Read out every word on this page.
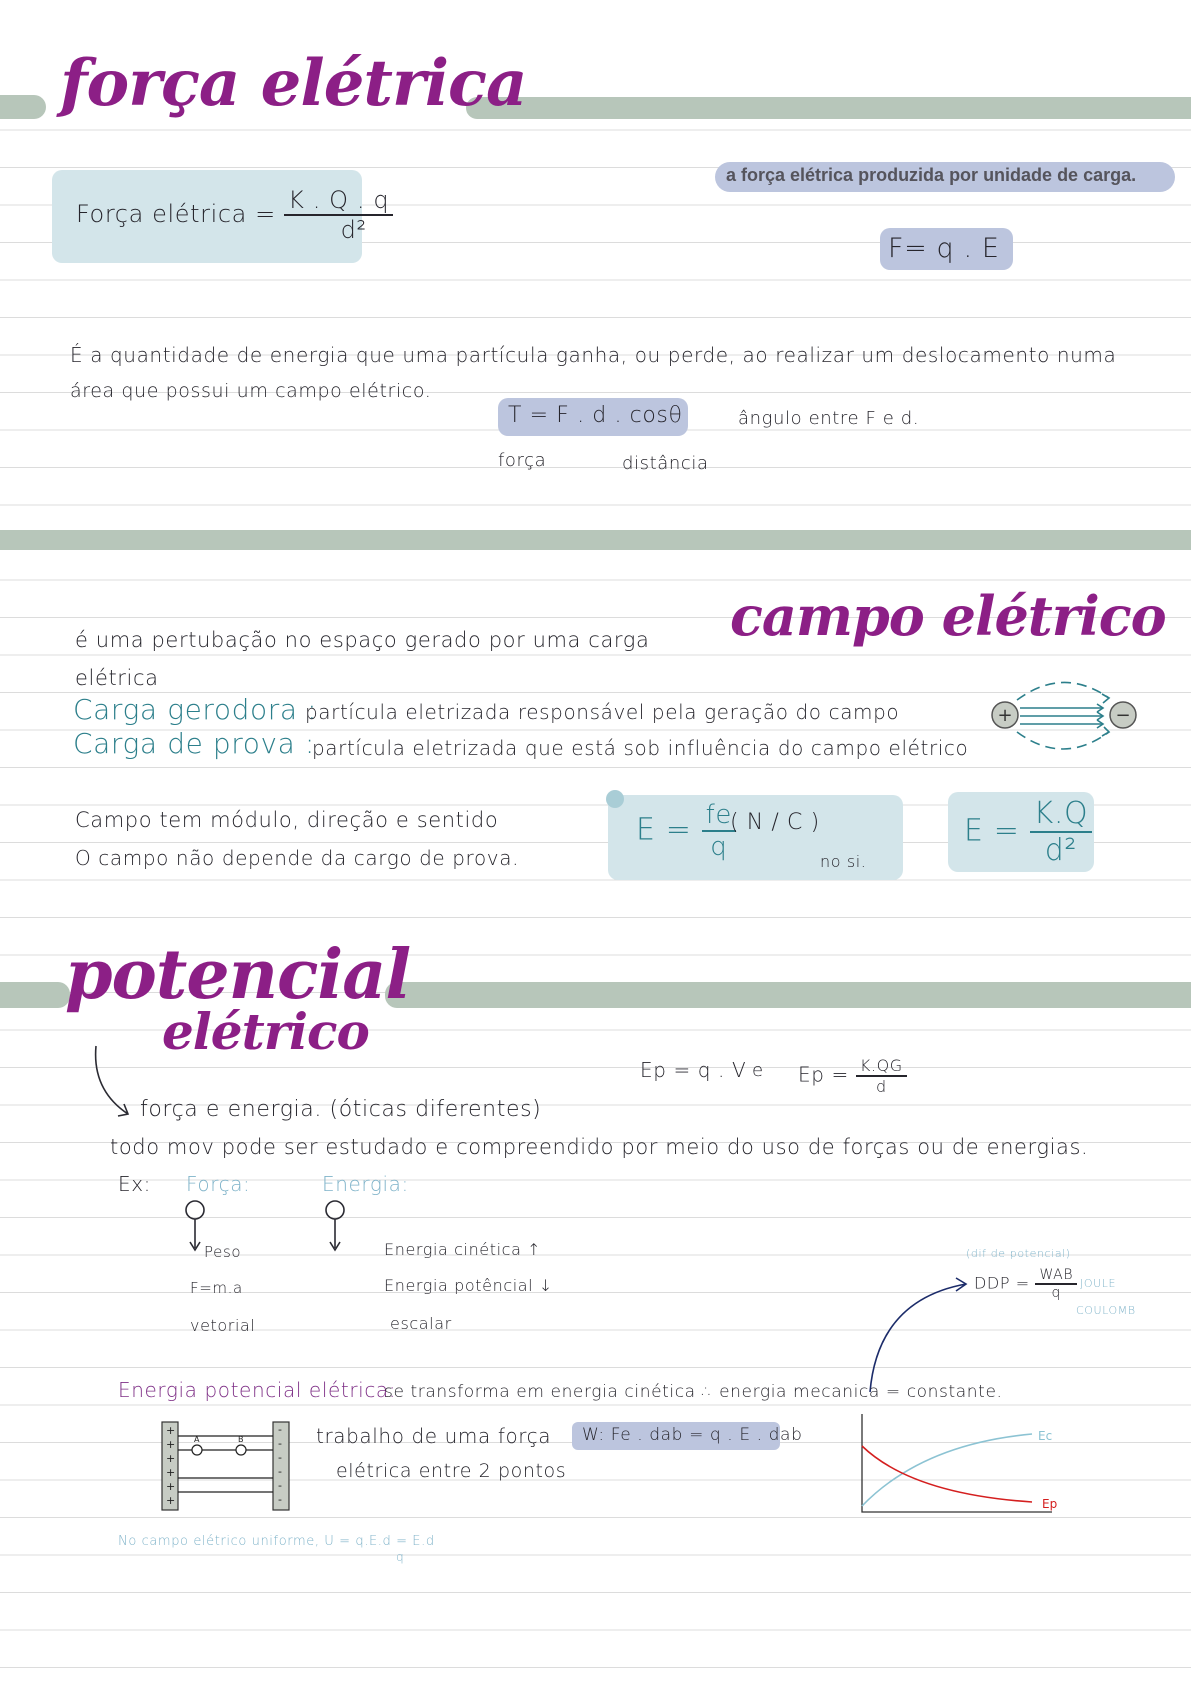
força elétrica
Força elétrica = $\frac{K . Q . q}{\text{d²}}$
a força elétrica produzida por unidade de carga.
F= q . E
É a quantidade de energia que uma partícula ganha, ou perde, ao realizar um deslocamento numa
área que possui um campo elétrico.
T = F . d . cosθ	ângulo entre F e d.
força	distância
campo elétrico
é uma pertubação no espaço gerado por uma carga
elétrica
Carga gerodora :
partícula eletrizada responsável pela geração do campo
Carga de prova :
partícula eletrizada que está sob influência do campo elétrico
+	−
Campo tem módulo, direção e sentido
O campo não depende da cargo de prova.
$E = \frac{fe}{q}$
( N / C )
no si.
$E = \frac{K.Q}{\text{d²}}$
potencial
elétrico
Ep = q . V e $Ep = \frac{K.QG}{d}$
força e energia. (óticas diferentes)
todo mov pode ser estudado e compreendido por meio do uso de forças ou de energias.
Ex: Força:	Energia:
Peso
F=m.a
vetorial
Energia cinética ↑
Energia potêncial ↓
escalar
(dif de potencial)
DDP = $\frac{\text{WAB}}{q}$ JOULE
COULOMB
Energia potencial elétrica:
se transforma em energia cinética ∴ energia mecanica = constante.
+
+
+
+
+
+
-
-
-
-
-
-
A	B	trabalho de uma força
elétrica entre 2 pontos
W: Fe . dab = q . E . dab	Ec
Ep
No campo elétrico uniforme, U = q.E.d = E.d
q
